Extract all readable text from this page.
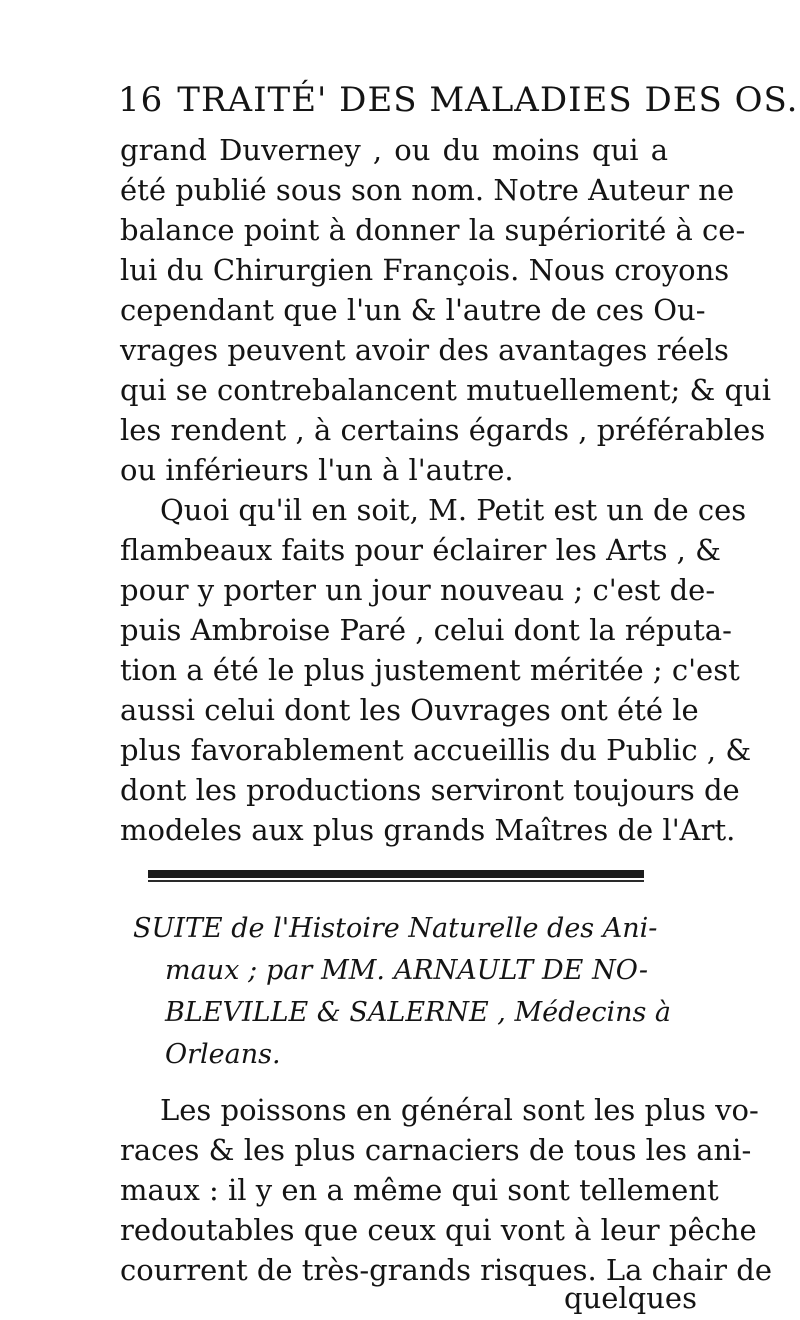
16 TRAITÉ' DES MALADIES DES OS.
grand Duverney , ou du moins qui a
été publié sous son nom. Notre Auteur ne
balance point à donner la supériorité à ce-
lui du Chirurgien François. Nous croyons
cependant que l'un & l'autre de ces Ou-
vrages peuvent avoir des avantages réels
qui se contrebalancent mutuellement; & qui
les rendent , à certains égards , préférables
ou inférieurs l'un à l'autre.
Quoi qu'il en soit, M. Petit est un de ces
flambeaux faits pour éclairer les Arts , &
pour y porter un jour nouveau ; c'est de-
puis Ambroise Paré , celui dont la réputa-
tion a été le plus justement méritée ; c'est
aussi celui dont les Ouvrages ont été le
plus favorablement accueillis du Public , &
dont les productions serviront toujours de
modeles aux plus grands Maîtres de l'Art.
SUITE de l'Histoire Naturelle des Ani-
maux ; par MM. ARNAULT DE NO-
BLEVILLE & SALERNE , Médecins à
Orleans.
Les poissons en général sont les plus vo-
races & les plus carnaciers de tous les ani-
maux : il y en a même qui sont tellement
redoutables que ceux qui vont à leur pêche
courrent de très-grands risques. La chair de
quelques
